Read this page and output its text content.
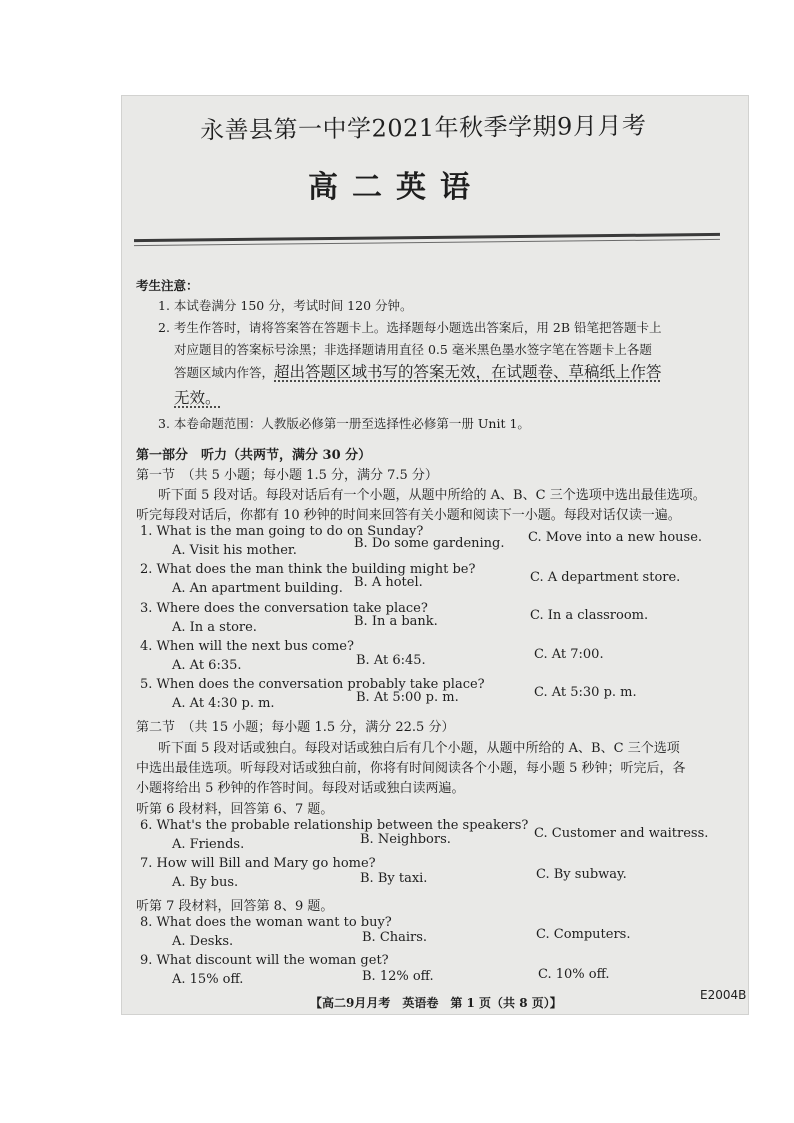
永善县第一中学2021年秋季学期9月月考
高二英语
考生注意：
1. 本试卷满分 150 分，考试时间 120 分钟。
2. 考生作答时，请将答案答在答题卡上。选择题每小题选出答案后，用 2B 铅笔把答题卡上
对应题目的答案标号涂黑；非选择题请用直径 0.5 毫米黑色墨水签字笔在答题卡上各题
答题区域内作答，超出答题区域书写的答案无效，在试题卷、草稿纸上作答
无效。
3. 本卷命题范围：人教版必修第一册至选择性必修第一册 Unit 1。
第一部分　听力（共两节，满分 30 分）
第一节　（共 5 小题；每小题 1.5 分，满分 7.5 分）
听下面 5 段对话。每段对话后有一个小题，从题中所给的 A、B、C 三个选项中选出最佳选项。
听完每段对话后，你都有 10 秒钟的时间来回答有关小题和阅读下一小题。每段对话仅读一遍。
1. What is the man going to do on Sunday?
A. Visit his mother.	B. Do some gardening. C. Move into a new house.
2. What does the man think the building might be?
A. An apartment building. B. A hotel.	C. A department store.
3. Where does the conversation take place?
A. In a store.	B. In a bank.	C. In a classroom.
4. When will the next bus come?
A. At 6:35.	B. At 6:45.	C. At 7:00.
5. When does the conversation probably take place?
A. At 4:30 p. m.	B. At 5:00 p. m.	C. At 5:30 p. m.
第二节　（共 15 小题；每小题 1.5 分，满分 22.5 分）
听下面 5 段对话或独白。每段对话或独白后有几个小题，从题中所给的 A、B、C 三个选项
中选出最佳选项。听每段对话或独白前，你将有时间阅读各个小题，每小题 5 秒钟；听完后，各
小题将给出 5 秒钟的作答时间。每段对话或独白读两遍。
听第 6 段材料，回答第 6、7 题。
6. What's the probable relationship between the speakers?
A. Friends.	B. Neighbors.	C. Customer and waitress.
7. How will Bill and Mary go home?
A. By bus.	B. By taxi.	C. By subway.
听第 7 段材料，回答第 8、9 题。
8. What does the woman want to buy?
A. Desks.	B. Chairs.	C. Computers.
9. What discount will the woman get?
A. 15% off.	B. 12% off.	C. 10% off.
【高二9月月考　英语卷　第 1 页（共 8 页）】
E2004B
